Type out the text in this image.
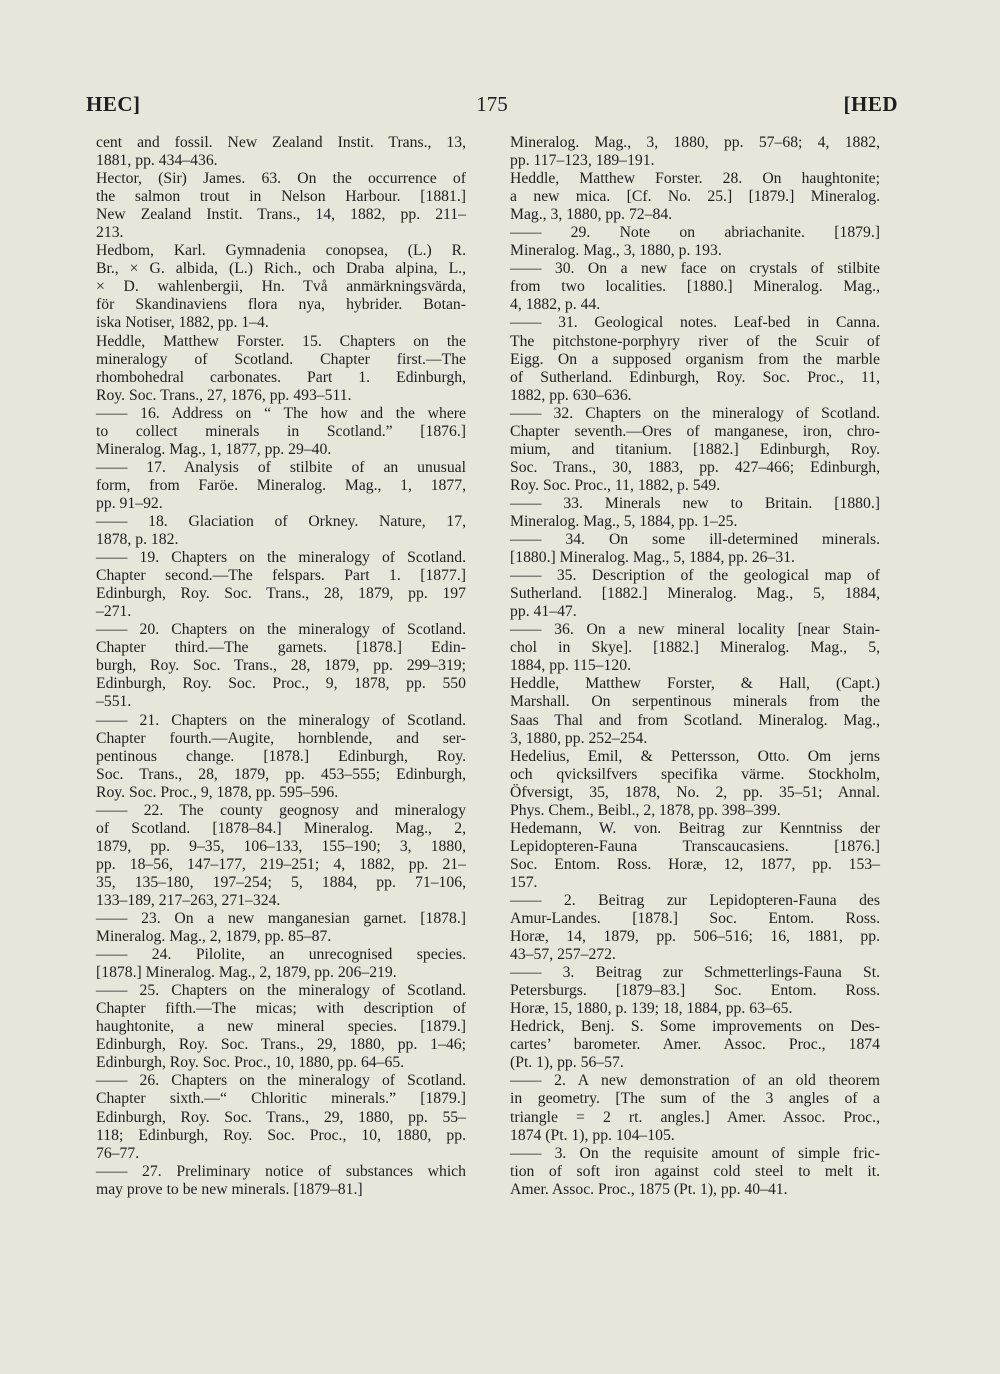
HEC]	175	[HED
cent and fossil. New Zealand Instit. Trans., 13,
1881, pp. 434–436.
Hector, (Sir) James. 63. On the occurrence of
the salmon trout in Nelson Harbour. [1881.]
New Zealand Instit. Trans., 14, 1882, pp. 211–
213.
Hedbom, Karl. Gymnadenia conopsea, (L.) R.
Br., × G. albida, (L.) Rich., och Draba alpina, L.,
× D. wahlenbergii, Hn. Två anmärkningsvärda,
för Skandinaviens flora nya, hybrider. Botan-
iska Notiser, 1882, pp. 1–4.
Heddle, Matthew Forster. 15. Chapters on the
mineralogy of Scotland. Chapter first.—The
rhombohedral carbonates. Part 1. Edinburgh,
Roy. Soc. Trans., 27, 1876, pp. 493–511.
—— 16. Address on “ The how and the where
to collect minerals in Scotland.” [1876.]
Mineralog. Mag., 1, 1877, pp. 29–40.
—— 17. Analysis of stilbite of an unusual
form, from Faröe. Mineralog. Mag., 1, 1877,
pp. 91–92.
—— 18. Glaciation of Orkney. Nature, 17,
1878, p. 182.
—— 19. Chapters on the mineralogy of Scotland.
Chapter second.—The felspars. Part 1. [1877.]
Edinburgh, Roy. Soc. Trans., 28, 1879, pp. 197
–271.
—— 20. Chapters on the mineralogy of Scotland.
Chapter third.—The garnets. [1878.] Edin-
burgh, Roy. Soc. Trans., 28, 1879, pp. 299–319;
Edinburgh, Roy. Soc. Proc., 9, 1878, pp. 550
–551.
—— 21. Chapters on the mineralogy of Scotland.
Chapter fourth.—Augite, hornblende, and ser-
pentinous change. [1878.] Edinburgh, Roy.
Soc. Trans., 28, 1879, pp. 453–555; Edinburgh,
Roy. Soc. Proc., 9, 1878, pp. 595–596.
—— 22. The county geognosy and mineralogy
of Scotland. [1878–84.] Mineralog. Mag., 2,
1879, pp. 9–35, 106–133, 155–190; 3, 1880,
pp. 18–56, 147–177, 219–251; 4, 1882, pp. 21–
35, 135–180, 197–254; 5, 1884, pp. 71–106,
133–189, 217–263, 271–324.
—— 23. On a new manganesian garnet. [1878.]
Mineralog. Mag., 2, 1879, pp. 85–87.
—— 24. Pilolite, an unrecognised species.
[1878.] Mineralog. Mag., 2, 1879, pp. 206–219.
—— 25. Chapters on the mineralogy of Scotland.
Chapter fifth.—The micas; with description of
haughtonite, a new mineral species. [1879.]
Edinburgh, Roy. Soc. Trans., 29, 1880, pp. 1–46;
Edinburgh, Roy. Soc. Proc., 10, 1880, pp. 64–65.
—— 26. Chapters on the mineralogy of Scotland.
Chapter sixth.—“ Chloritic minerals.” [1879.]
Edinburgh, Roy. Soc. Trans., 29, 1880, pp. 55–
118; Edinburgh, Roy. Soc. Proc., 10, 1880, pp.
76–77.
—— 27. Preliminary notice of substances which
may prove to be new minerals. [1879–81.]
Mineralog. Mag., 3, 1880, pp. 57–68; 4, 1882,
pp. 117–123, 189–191.
Heddle, Matthew Forster. 28. On haughtonite;
a new mica. [Cf. No. 25.] [1879.] Mineralog.
Mag., 3, 1880, pp. 72–84.
—— 29. Note on abriachanite. [1879.]
Mineralog. Mag., 3, 1880, p. 193.
—— 30. On a new face on crystals of stilbite
from two localities. [1880.] Mineralog. Mag.,
4, 1882, p. 44.
—— 31. Geological notes. Leaf-bed in Canna.
The pitchstone-porphyry river of the Scuir of
Eigg. On a supposed organism from the marble
of Sutherland. Edinburgh, Roy. Soc. Proc., 11,
1882, pp. 630–636.
—— 32. Chapters on the mineralogy of Scotland.
Chapter seventh.—Ores of manganese, iron, chro-
mium, and titanium. [1882.] Edinburgh, Roy.
Soc. Trans., 30, 1883, pp. 427–466; Edinburgh,
Roy. Soc. Proc., 11, 1882, p. 549.
—— 33. Minerals new to Britain. [1880.]
Mineralog. Mag., 5, 1884, pp. 1–25.
—— 34. On some ill-determined minerals.
[1880.] Mineralog. Mag., 5, 1884, pp. 26–31.
—— 35. Description of the geological map of
Sutherland. [1882.] Mineralog. Mag., 5, 1884,
pp. 41–47.
—— 36. On a new mineral locality [near Stain-
chol in Skye]. [1882.] Mineralog. Mag., 5,
1884, pp. 115–120.
Heddle, Matthew Forster, & Hall, (Capt.)
Marshall. On serpentinous minerals from the
Saas Thal and from Scotland. Mineralog. Mag.,
3, 1880, pp. 252–254.
Hedelius, Emil, & Pettersson, Otto. Om jerns
och qvicksilfvers specifika värme. Stockholm,
Öfversigt, 35, 1878, No. 2, pp. 35–51; Annal.
Phys. Chem., Beibl., 2, 1878, pp. 398–399.
Hedemann, W. von. Beitrag zur Kenntniss der
Lepidopteren-Fauna Transcaucasiens. [1876.]
Soc. Entom. Ross. Horæ, 12, 1877, pp. 153–
157.
—— 2. Beitrag zur Lepidopteren-Fauna des
Amur-Landes. [1878.] Soc. Entom. Ross.
Horæ, 14, 1879, pp. 506–516; 16, 1881, pp.
43–57, 257–272.
—— 3. Beitrag zur Schmetterlings-Fauna St.
Petersburgs. [1879–83.] Soc. Entom. Ross.
Horæ, 15, 1880, p. 139; 18, 1884, pp. 63–65.
Hedrick, Benj. S. Some improvements on Des-
cartes’ barometer. Amer. Assoc. Proc., 1874
(Pt. 1), pp. 56–57.
—— 2. A new demonstration of an old theorem
in geometry. [The sum of the 3 angles of a
triangle = 2 rt. angles.] Amer. Assoc. Proc.,
1874 (Pt. 1), pp. 104–105.
—— 3. On the requisite amount of simple fric-
tion of soft iron against cold steel to melt it.
Amer. Assoc. Proc., 1875 (Pt. 1), pp. 40–41.
